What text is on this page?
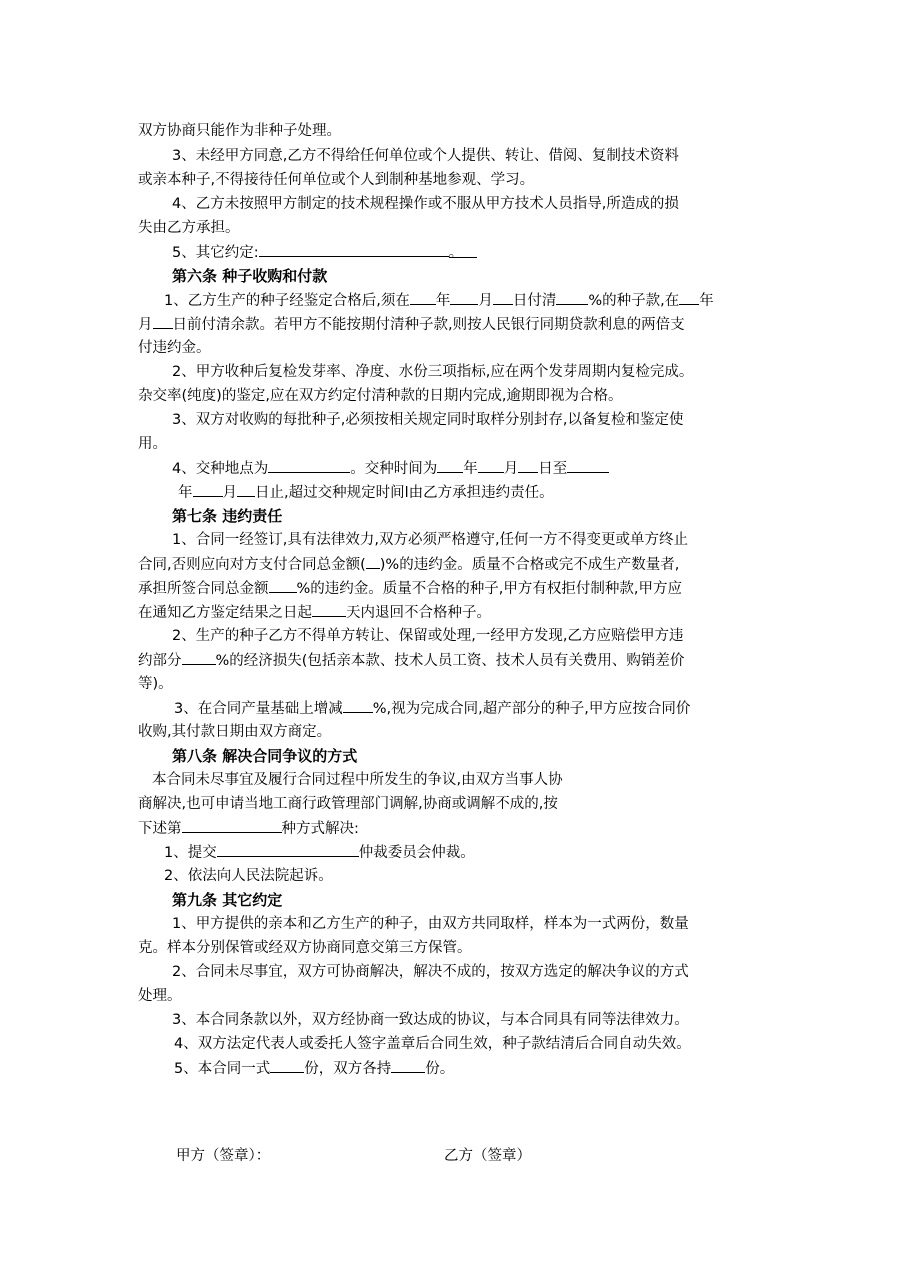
双方协商只能作为非种子处理。

3、未经甲方同意,乙方不得给任何单位或个人提供、转让、借阅、复制技术资料

或亲本种子,不得接待任何单位或个人到制种基地参观、学习。

4、乙方未按照甲方制定的技术规程操作或不服从甲方技术人员指导,所造成的损

失由乙方承担。

5、其它约定:	。

第六条 种子收购和付款

1、乙方生产的种子经鉴定合格后,须在 年 月 日付清 %的种子款,在 年

月 日前付清余款。若甲方不能按期付清种子款,则按人民银行同期贷款利息的两倍支

付违约金。

2、甲方收种后复检发芽率、净度、水份三项指标,应在两个发芽周期内复检完成。

杂交率(纯度)的鉴定,应在双方约定付清种款的日期内完成,逾期即视为合格。

3、双方对收购的每批种子,必须按相关规定同时取样分别封存,以备复检和鉴定使

用。

4、交种地点为	。交种时间为 年 月 日至

年 月 日止,超过交种规定时间l由乙方承担违约责任。

第七条 违约责任

1、合同一经签订,具有法律效力,双方必须严格遵守,任何一方不得变更或单方终止

合同,否则应向对方支付合同总金额( )%的违约金。质量不合格或完不成生产数量者,

承担所签合同总金额 %的违约金。质量不合格的种子,甲方有权拒付制种款,甲方应

在通知乙方鉴定结果之日起 天内退回不合格种子。

2、生产的种子乙方不得单方转让、保留或处理,一经甲方发现,乙方应赔偿甲方违

约部分 %的经济损失(包括亲本款、技术人员工资、技术人员有关费用、购销差价

等)。

3、在合同产量基础上增减 %,视为完成合同,超产部分的种子,甲方应按合同价

收购,其付款日期由双方商定。

第八条 解决合同争议的方式

本合同未尽事宜及履行合同过程中所发生的争议,由双方当事人协

商解决,也可申请当地工商行政管理部门调解,协商或调解不成的,按

下述第	种方式解决:

1、提交	仲裁委员会仲裁。

2、依法向人民法院起诉。

第九条 其它约定

1、甲方提供的亲本和乙方生产的种子，由双方共同取样，样本为一式两份，数量

克。样本分别保管或经双方协商同意交第三方保管。

2、合同未尽事宜，双方可协商解决，解决不成的，按双方选定的解决争议的方式

处理。

3、本合同条款以外，双方经协商一致达成的协议，与本合同具有同等法律效力。

4、双方法定代表人或委托人签字盖章后合同生效，种子款结清后合同自动失效。

5、本合同一式 份，双方各持 份。

甲方（签章）：	乙方（签章）
